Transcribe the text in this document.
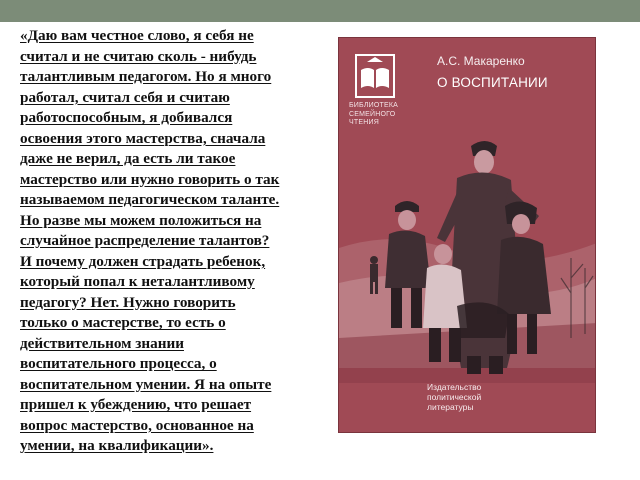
«Даю вам честное слово, я себя не
считал и не считаю сколь - нибудь
талантливым педагогом. Но я много
работал, считал себя и считаю
работоспособным, я добивался
освоения этого мастерства, сначала
даже не верил, да есть ли такое
мастерство или нужно говорить о так
называемом педагогическом таланте.
Но разве мы можем положиться на
случайное распределение талантов?
И почему должен страдать ребенок,
который попал к неталантливому
педагогу? Нет. Нужно говорить
только о мастерстве, то есть о
действительном знании
воспитательного процесса, о
воспитательном умении. Я на опыте
пришел к убеждению, что решает
вопрос мастерство, основанное на
умении, на квалификации».

БИБЛИОТЕКА
СЕМЕЙНОГО
ЧТЕНИЯ
А.С. Макаренко
О ВОСПИТАНИИ
Издательство
политической
литературы
